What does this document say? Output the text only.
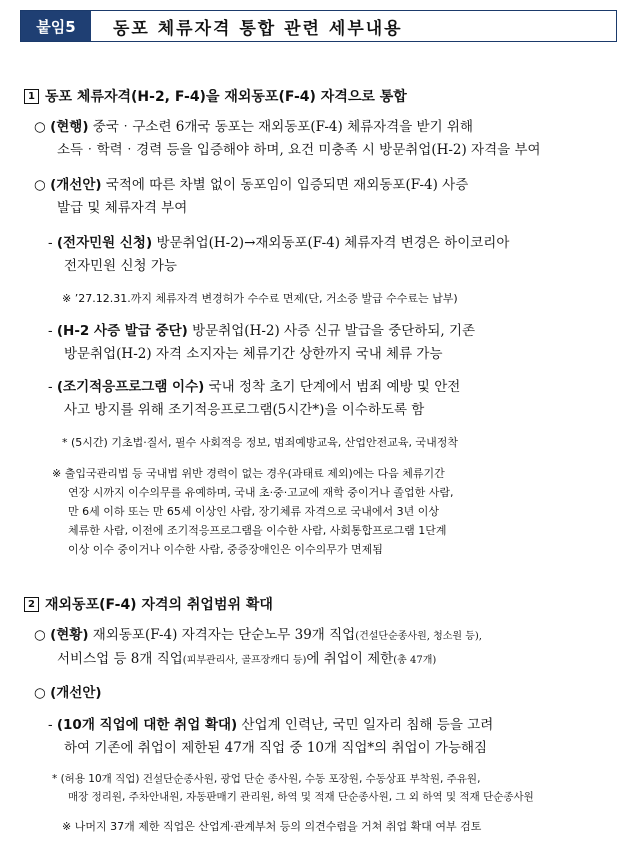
붙임5	동포 체류자격 통합 관련 세부내용
1 동포 체류자격(H-2, F-4)을 재외동포(F-4) 자격으로 통합
○ (현행) 중국‧구소련 6개국 동포는 재외동포(F-4) 체류자격을 받기 위해
소득‧학력‧경력 등을 입증해야 하며, 요건 미충족 시 방문취업(H-2) 자격을 부여
○ (개선안) 국적에 따른 차별 없이 동포임이 입증되면 재외동포(F-4) 사증
발급 및 체류자격 부여
- (전자민원 신청) 방문취업(H-2)→재외동포(F-4) 체류자격 변경은 하이코리아
전자민원 신청 가능
※ ’27.12.31.까지 체류자격 변경허가 수수료 면제(단, 거소증 발급 수수료는 납부)
- (H-2 사증 발급 중단) 방문취업(H-2) 사증 신규 발급을 중단하되, 기존
방문취업(H-2) 자격 소지자는 체류기간 상한까지 국내 체류 가능
- (조기적응프로그램 이수) 국내 정착 초기 단계에서 범죄 예방 및 안전
사고 방지를 위해 조기적응프로그램(5시간*)을 이수하도록 함
* (5시간) 기초법‧질서, 필수 사회적응 정보, 범죄예방교육, 산업안전교육, 국내정착
※ 출입국관리법 등 국내법 위반 경력이 없는 경우(과태료 제외)에는 다음 체류기간
연장 시까지 이수의무를 유예하며, 국내 초‧중‧고교에 재학 중이거나 졸업한 사람,
만 6세 이하 또는 만 65세 이상인 사람, 장기체류 자격으로 국내에서 3년 이상
체류한 사람, 이전에 조기적응프로그램을 이수한 사람, 사회통합프로그램 1단계
이상 이수 중이거나 이수한 사람, 중증장애인은 이수의무가 면제됨
2 재외동포(F-4) 자격의 취업범위 확대
○ (현황) 재외동포(F-4) 자격자는 단순노무 39개 직업(건설단순종사원, 청소원 등),
서비스업 등 8개 직업(피부관리사, 골프장캐디 등)에 취업이 제한(총 47개)
○ (개선안)
- (10개 직업에 대한 취업 확대) 산업계 인력난, 국민 일자리 침해 등을 고려
하여 기존에 취업이 제한된 47개 직업 중 10개 직업*의 취업이 가능해짐
* (허용 10개 직업) 건설단순종사원, 광업 단순 종사원, 수동 포장원, 수동상표 부착원, 주유원,
매장 정리원, 주차안내원, 자동판매기 관리원, 하역 및 적재 단순종사원, 그 외 하역 및 적재 단순종사원
※ 나머지 37개 제한 직업은 산업계‧관계부처 등의 의견수렴을 거쳐 취업 확대 여부 검토
